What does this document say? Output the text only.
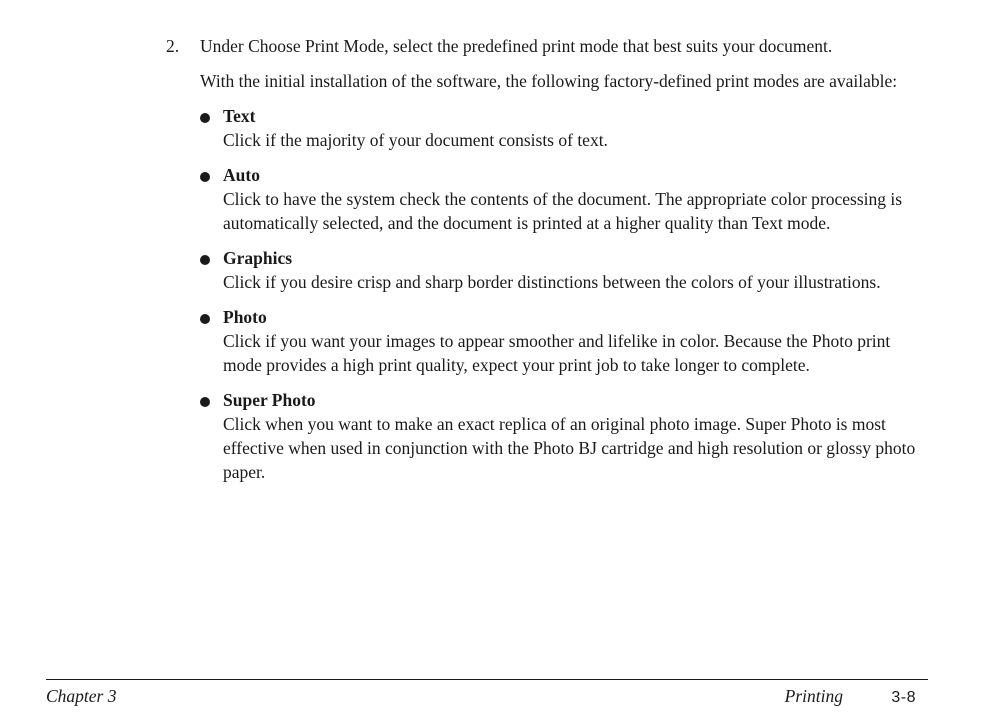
2. Under Choose Print Mode, select the predefined print mode that best suits your document.
With the initial installation of the software, the following factory-defined print modes are available:
Text
Click if the majority of your document consists of text.
Auto
Click to have the system check the contents of the document. The appropriate color processing is automatically selected, and the document is printed at a higher quality than Text mode.
Graphics
Click if you desire crisp and sharp border distinctions between the colors of your illustrations.
Photo
Click if you want your images to appear smoother and lifelike in color. Because the Photo print mode provides a high print quality, expect your print job to take longer to complete.
Super Photo
Click when you want to make an exact replica of an original photo image. Super Photo is most effective when used in conjunction with the Photo BJ cartridge and high resolution or glossy photo paper.
Chapter 3	Printing	3-8
